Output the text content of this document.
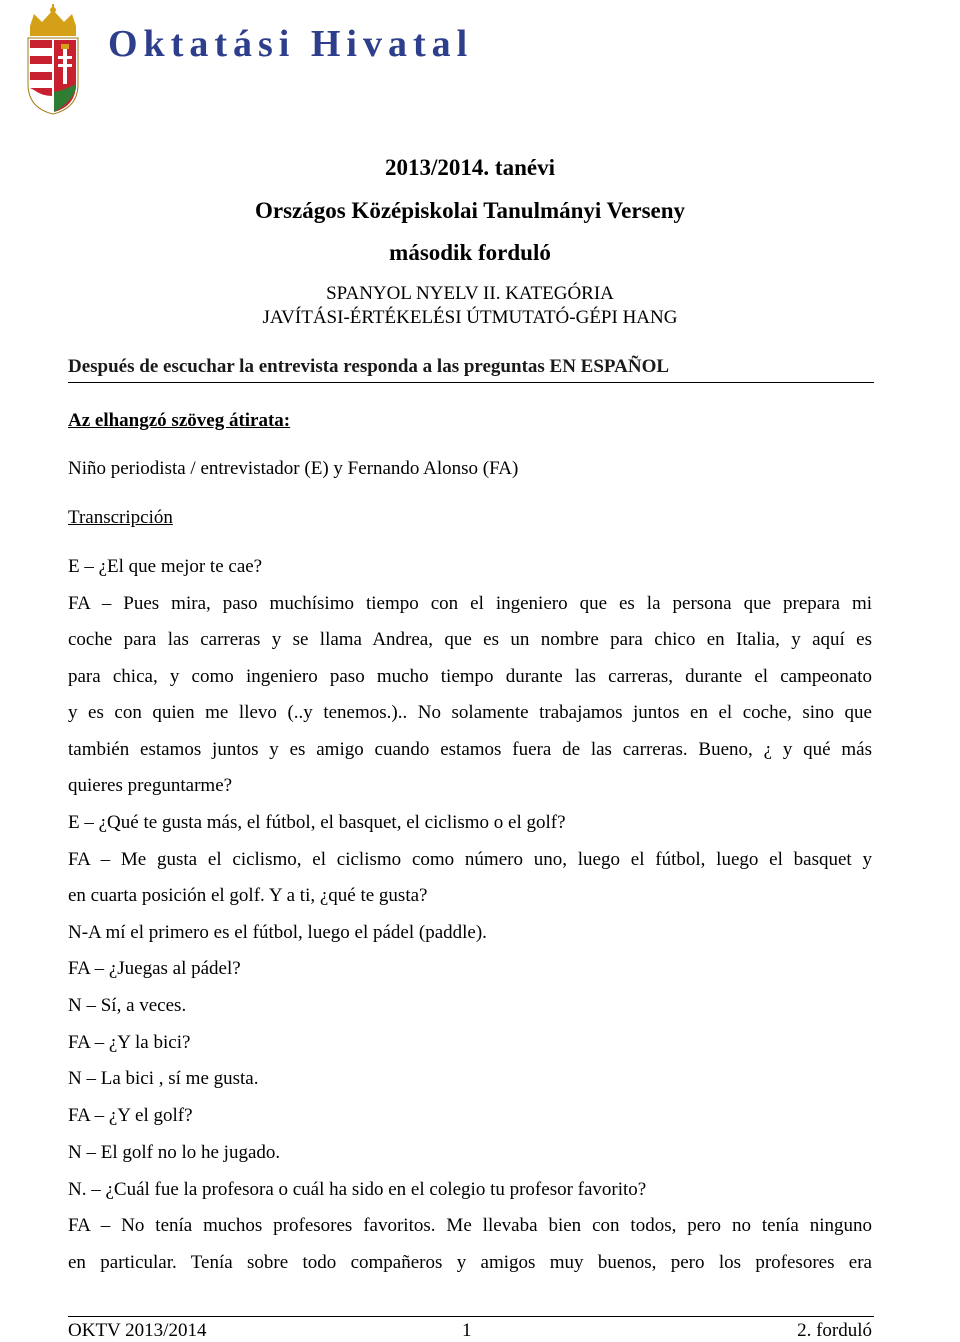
Oktatási Hivatal
2013/2014. tanévi
Országos Középiskolai Tanulmányi Verseny
második forduló
SPANYOL NYELV II. KATEGÓRIA
JAVÍTÁSI-ÉRTÉKELÉSI ÚTMUTATÓ-GÉPI HANG
Después de escuchar la entrevista responda a las preguntas EN ESPAÑOL
Az elhangzó szöveg átirata:
Niño periodista / entrevistador (E) y Fernando Alonso (FA)
Transcripción
E – ¿El que mejor te cae?
FA – Pues mira, paso muchísimo tiempo con el ingeniero que es la persona que prepara mi
coche para las carreras y se llama Andrea, que es un nombre para chico en Italia, y aquí es
para chica, y como ingeniero paso mucho tiempo durante las carreras, durante el campeonato
y es con quien me llevo (..y tenemos.).. No solamente trabajamos juntos en el coche, sino que
también estamos juntos y es amigo cuando estamos fuera de las carreras. Bueno, ¿ y qué más
quieres preguntarme?
E – ¿Qué te gusta más, el fútbol, el basquet, el ciclismo o el golf?
FA – Me gusta el ciclismo, el ciclismo como número uno, luego el fútbol, luego el basquet y
en cuarta posición el golf. Y a ti, ¿qué te gusta?
N-A mí el primero es el fútbol, luego el pádel (paddle).
FA – ¿Juegas al pádel?
N – Sí, a veces.
FA – ¿Y la bici?
N – La bici , sí me gusta.
FA – ¿Y el golf?
N – El golf no lo he jugado.
N. – ¿Cuál fue la profesora o cuál ha sido en el colegio tu profesor favorito?
FA – No tenía muchos profesores favoritos. Me llevaba bien con todos, pero no tenía ninguno
en particular. Tenía sobre todo compañeros y amigos muy buenos, pero los profesores era
OKTV 2013/2014	1	2. forduló
